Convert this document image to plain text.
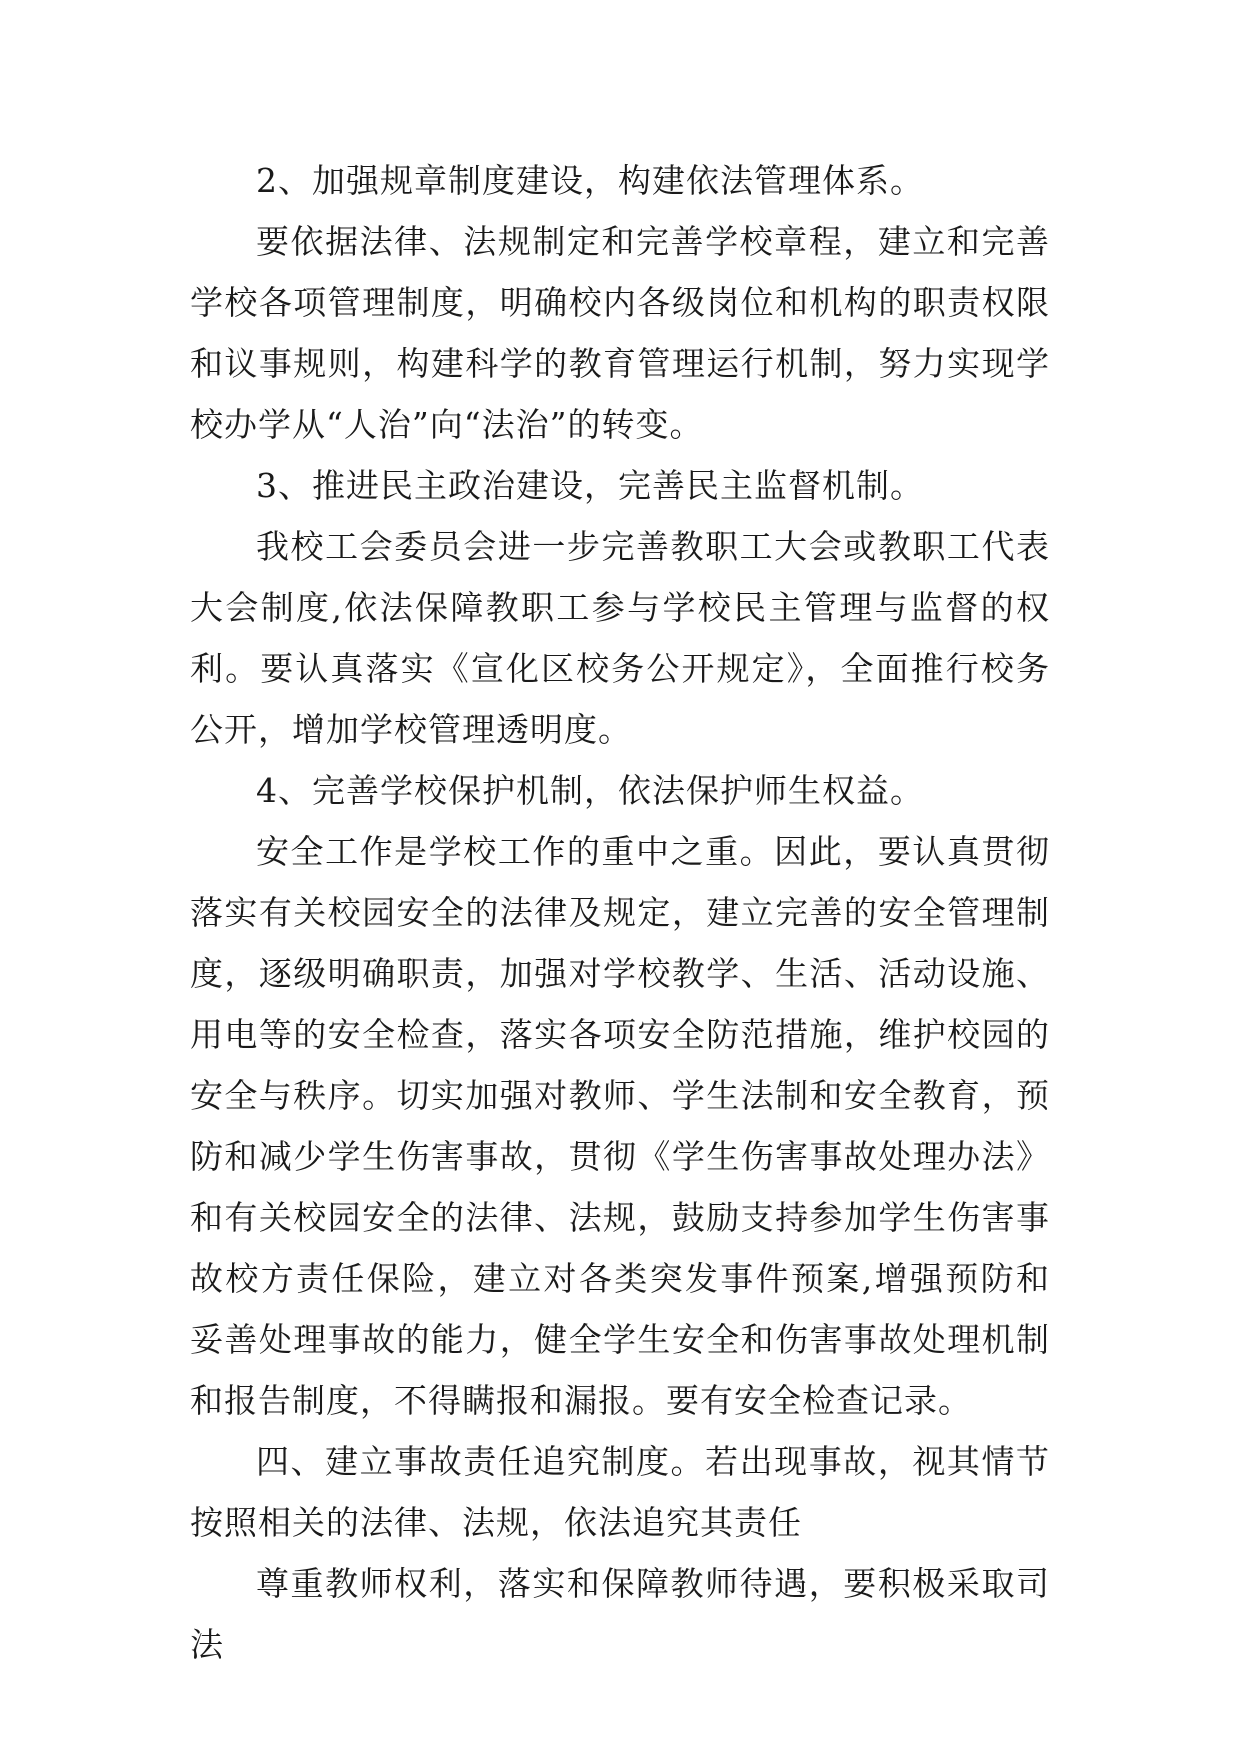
2、加强规章制度建设，构建依法管理体系。

要依据法律、法规制定和完善学校章程，建立和完善学校各项管理制度，明确校内各级岗位和机构的职责权限和议事规则，构建科学的教育管理运行机制，努力实现学校办学从“人治”向“法治”的转变。

3、推进民主政治建设，完善民主监督机制。

我校工会委员会进一步完善教职工大会或教职工代表大会制度,依法保障教职工参与学校民主管理与监督的权利。要认真落实《宣化区校务公开规定》，全面推行校务公开，增加学校管理透明度。

4、完善学校保护机制，依法保护师生权益。

安全工作是学校工作的重中之重。因此，要认真贯彻落实有关校园安全的法律及规定，建立完善的安全管理制度，逐级明确职责，加强对学校教学、生活、活动设施、用电等的安全检查，落实各项安全防范措施，维护校园的安全与秩序。切实加强对教师、学生法制和安全教育，预防和减少学生伤害事故，贯彻《学生伤害事故处理办法》和有关校园安全的法律、法规，鼓励支持参加学生伤害事故校方责任保险，建立对各类突发事件预案,增强预防和妥善处理事故的能力，健全学生安全和伤害事故处理机制和报告制度，不得瞒报和漏报。要有安全检查记录。

四、建立事故责任追究制度。若出现事故，视其情节按照相关的法律、法规，依法追究其责任

尊重教师权利，落实和保障教师待遇，要积极采取司法
